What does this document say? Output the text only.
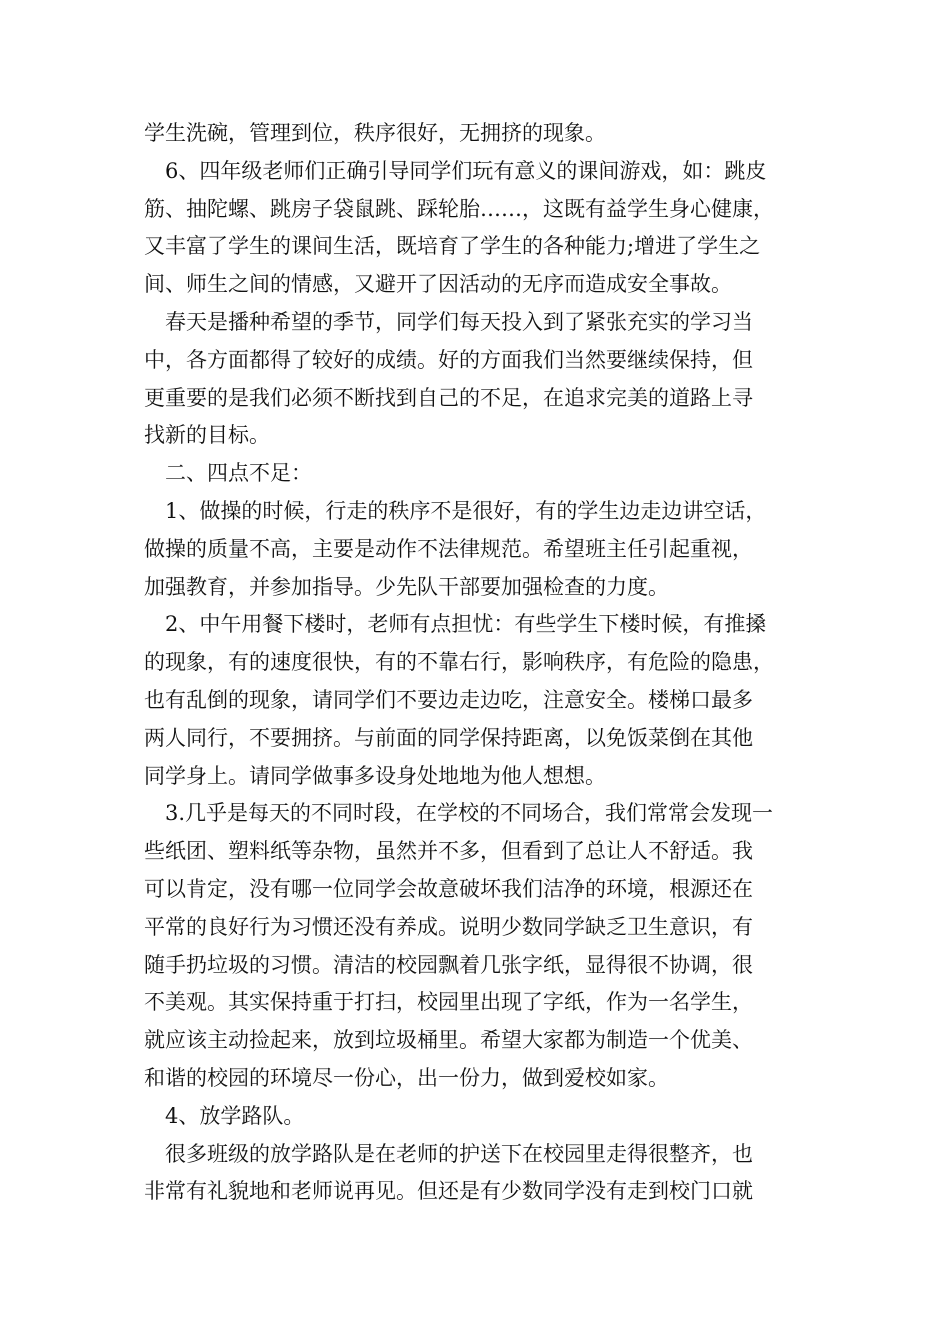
学生洗碗，管理到位，秩序很好，无拥挤的现象。
6、四年级老师们正确引导同学们玩有意义的课间游戏，如：跳皮
筋、抽陀螺、跳房子袋鼠跳、踩轮胎……，这既有益学生身心健康，
又丰富了学生的课间生活，既培育了学生的各种能力;增进了学生之
间、师生之间的情感，又避开了因活动的无序而造成安全事故。
春天是播种希望的季节，同学们每天投入到了紧张充实的学习当
中，各方面都得了较好的成绩。好的方面我们当然要继续保持，但
更重要的是我们必须不断找到自己的不足，在追求完美的道路上寻
找新的目标。
二、四点不足：
1、做操的时候，行走的秩序不是很好，有的学生边走边讲空话，
做操的质量不高，主要是动作不法律规范。希望班主任引起重视，
加强教育，并参加指导。少先队干部要加强检查的力度。
2、中午用餐下楼时，老师有点担忧：有些学生下楼时候，有推搡
的现象，有的速度很快，有的不靠右行，影响秩序，有危险的隐患，
也有乱倒的现象，请同学们不要边走边吃，注意安全。楼梯口最多
两人同行，不要拥挤。与前面的同学保持距离，以免饭菜倒在其他
同学身上。请同学做事多设身处地地为他人想想。
3.几乎是每天的不同时段，在学校的不同场合，我们常常会发现一
些纸团、塑料纸等杂物，虽然并不多，但看到了总让人不舒适。我
可以肯定，没有哪一位同学会故意破坏我们洁净的环境，根源还在
平常的良好行为习惯还没有养成。说明少数同学缺乏卫生意识，有
随手扔垃圾的习惯。清洁的校园飘着几张字纸，显得很不协调，很
不美观。其实保持重于打扫，校园里出现了字纸，作为一名学生，
就应该主动捡起来，放到垃圾桶里。希望大家都为制造一个优美、
和谐的校园的环境尽一份心，出一份力，做到爱校如家。
4、放学路队。
很多班级的放学路队是在老师的护送下在校园里走得很整齐，也
非常有礼貌地和老师说再见。但还是有少数同学没有走到校门口就
